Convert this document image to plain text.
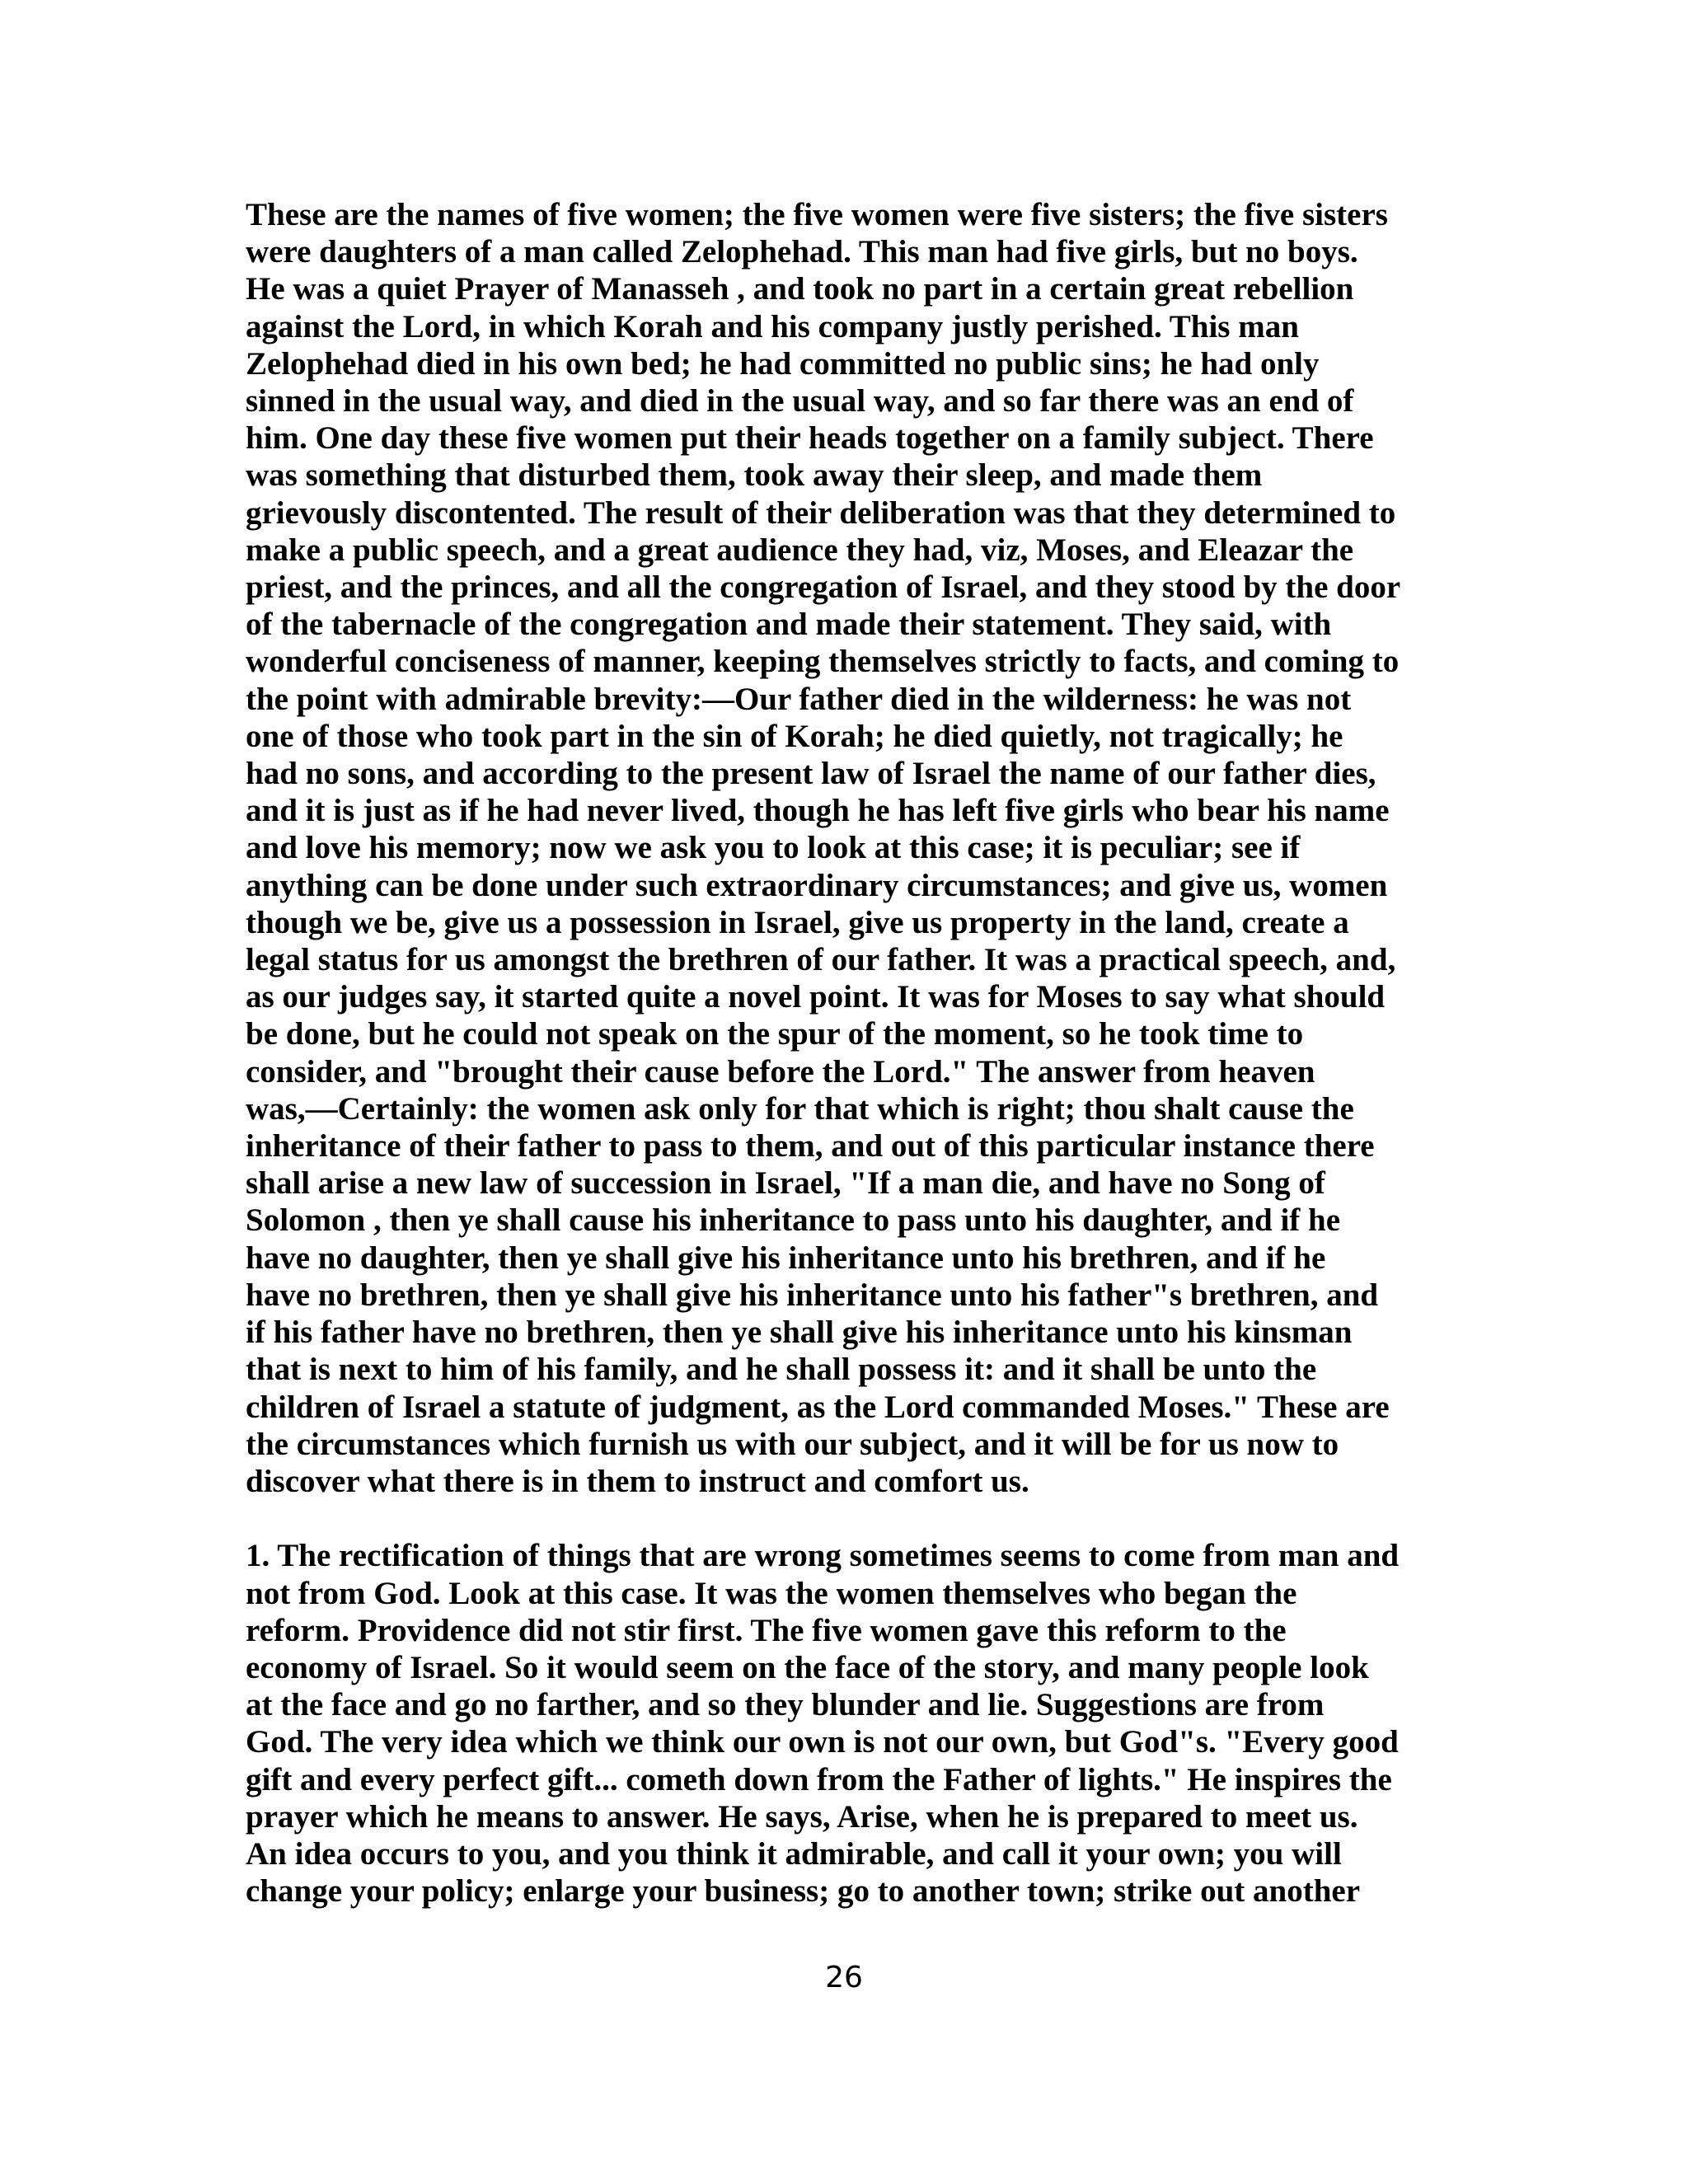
These are the names of five women; the five women were five sisters; the five sisters
were daughters of a man called Zelophehad. This man had five girls, but no boys.
He was a quiet Prayer of Manasseh , and took no part in a certain great rebellion
against the Lord, in which Korah and his company justly perished. This man
Zelophehad died in his own bed; he had committed no public sins; he had only
sinned in the usual way, and died in the usual way, and so far there was an end of
him. One day these five women put their heads together on a family subject. There
was something that disturbed them, took away their sleep, and made them
grievously discontented. The result of their deliberation was that they determined to
make a public speech, and a great audience they had, viz, Moses, and Eleazar the
priest, and the princes, and all the congregation of Israel, and they stood by the door
of the tabernacle of the congregation and made their statement. They said, with
wonderful conciseness of manner, keeping themselves strictly to facts, and coming to
the point with admirable brevity:—Our father died in the wilderness: he was not
one of those who took part in the sin of Korah; he died quietly, not tragically; he
had no sons, and according to the present law of Israel the name of our father dies,
and it is just as if he had never lived, though he has left five girls who bear his name
and love his memory; now we ask you to look at this case; it is peculiar; see if
anything can be done under such extraordinary circumstances; and give us, women
though we be, give us a possession in Israel, give us property in the land, create a
legal status for us amongst the brethren of our father. It was a practical speech, and,
as our judges say, it started quite a novel point. It was for Moses to say what should
be done, but he could not speak on the spur of the moment, so he took time to
consider, and "brought their cause before the Lord." The answer from heaven
was,—Certainly: the women ask only for that which is right; thou shalt cause the
inheritance of their father to pass to them, and out of this particular instance there
shall arise a new law of succession in Israel, "If a man die, and have no Song of
Solomon , then ye shall cause his inheritance to pass unto his daughter, and if he
have no daughter, then ye shall give his inheritance unto his brethren, and if he
have no brethren, then ye shall give his inheritance unto his father"s brethren, and
if his father have no brethren, then ye shall give his inheritance unto his kinsman
that is next to him of his family, and he shall possess it: and it shall be unto the
children of Israel a statute of judgment, as the Lord commanded Moses." These are
the circumstances which furnish us with our subject, and it will be for us now to
discover what there is in them to instruct and comfort us.

1. The rectification of things that are wrong sometimes seems to come from man and
not from God. Look at this case. It was the women themselves who began the
reform. Providence did not stir first. The five women gave this reform to the
economy of Israel. So it would seem on the face of the story, and many people look
at the face and go no farther, and so they blunder and lie. Suggestions are from
God. The very idea which we think our own is not our own, but God"s. "Every good
gift and every perfect gift... cometh down from the Father of lights." He inspires the
prayer which he means to answer. He says, Arise, when he is prepared to meet us.
An idea occurs to you, and you think it admirable, and call it your own; you will
change your policy; enlarge your business; go to another town; strike out another

26
